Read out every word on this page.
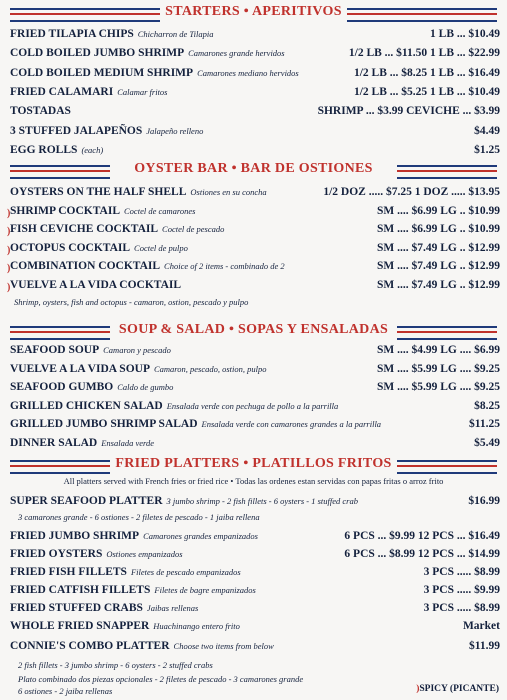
STARTERS • APERITIVOS
FRIED TILAPIA CHIPS Chicharron de Tilapia	1 LB ... $10.49
COLD BOILED JUMBO SHRIMP Camarones grande hervidos	1/2 LB ... $11.50 1 LB ... $22.99
COLD BOILED MEDIUM SHRIMP Camarones mediano hervidos	1/2 LB ... $8.25 1 LB ... $16.49
FRIED CALAMARI Calamar fritos	1/2 LB ... $5.25 1 LB ... $10.49
TOSTADAS	SHRIMP ... $3.99 CEVICHE ... $3.99
3 STUFFED JALAPEÑOS Jalapeño relleno	$4.49
EGG ROLLS (each)	$1.25
OYSTER BAR • BAR DE OSTIONES
OYSTERS ON THE HALF SHELL Ostiones en su concha	1/2 DOZ ..... $7.25 1 DOZ ..... $13.95
) SHRIMP COCKTAIL Coctel de camarones	SM .... $6.99 LG .. $10.99
) FISH CEVICHE COCKTAIL Coctel de pescado	SM .... $6.99 LG .. $10.99
) OCTOPUS COCKTAIL Coctel de pulpo	SM .... $7.49 LG .. $12.99
) COMBINATION COCKTAIL Choice of 2 items - combinado de 2	SM .... $7.49 LG .. $12.99
) VUELVE A LA VIDA COCKTAIL	SM .... $7.49 LG .. $12.99
Shrimp, oysters, fish and octopus - camaron, ostion, pescado y pulpo
SOUP & SALAD • SOPAS Y ENSALADAS
SEAFOOD SOUP Camaron y pescado	SM .... $4.99 LG .... $6.99
VUELVE A LA VIDA SOUP Camaron, pescado, ostion, pulpo	SM .... $5.99 LG .... $9.25
SEAFOOD GUMBO Caldo de gumbo	SM .... $5.99 LG .... $9.25
GRILLED CHICKEN SALAD Ensalada verde con pechuga de pollo a la parrilla	$8.25
GRILLED JUMBO SHRIMP SALAD Ensalada verde con camarones grandes a la parrilla	$11.25
DINNER SALAD Ensalada verde	$5.49
FRIED PLATTERS • PLATILLOS FRITOS
All platters served with French fries or fried rice • Todas las ordenes estan servidas con papas fritas o arroz frito
SUPER SEAFOOD PLATTER 3 jumbo shrimp - 2 fish fillets - 6 oysters - 1 stuffed crab	$16.99
FRIED JUMBO SHRIMP Camarones grandes empanizados	6 PCS ... $9.99 12 PCS ... $16.49
FRIED OYSTERS Ostiones empanizados	6 PCS ... $8.99 12 PCS ... $14.99
FRIED FISH FILLETS Filetes de pescado empanizados	3 PCS ..... $8.99
FRIED CATFISH FILLETS Filetes de bagre empanizados	3 PCS ..... $9.99
FRIED STUFFED CRABS Jaibas rellenas	3 PCS ..... $8.99
WHOLE FRIED SNAPPER Huachinango entero frito	Market
CONNIE'S COMBO PLATTER Choose two items from below	$11.99
3 camarones grande - 6 ostiones - 2 filetes de pescado - 1 jaiba rellena
2 fish fillets - 3 jumbo shrimp - 6 oysters - 2 stuffed crabs
Plato combinado dos piezas opcionales - 2 filetes de pescado - 3 camarones grande
6 ostiones - 2 jaiba rellenas	)SPICY (PICANTE)
